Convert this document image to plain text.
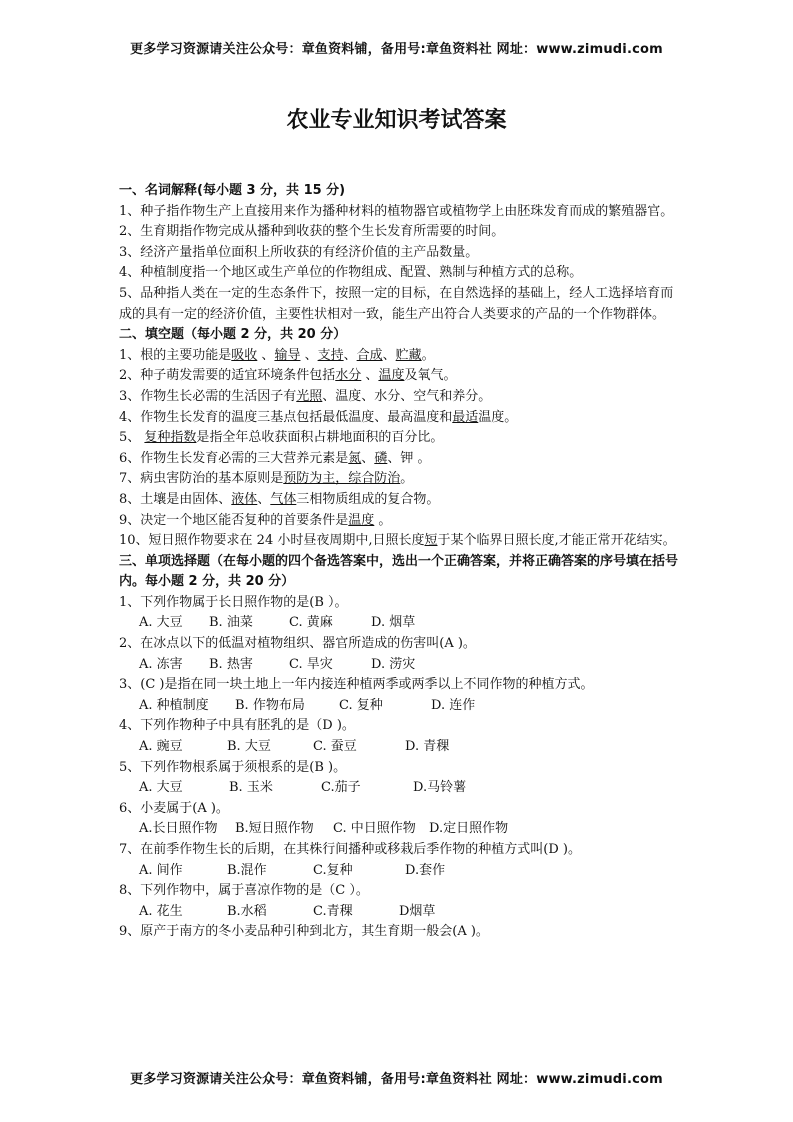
更多学习资源请关注公众号：章鱼资料铺，备用号:章鱼资料社 网址：www.zimudi.com
农业专业知识考试答案
一、名词解释(每小题 3 分，共 15 分)
1、种子指作物生产上直接用来作为播种材料的植物器官或植物学上由胚珠发育而成的繁殖器官。
2、生育期指作物完成从播种到收获的整个生长发育所需要的时间。
3、经济产量指单位面积上所收获的有经济价值的主产品数量。
4、种植制度指一个地区或生产单位的作物组成、配置、熟制与种植方式的总称。
5、品种指人类在一定的生态条件下，按照一定的目标，在自然选择的基础上，经人工选择培育而成的具有一定的经济价值，主要性状相对一致，能生产出符合人类要求的产品的一个作物群体。
二、填空题（每小题 2 分，共 20 分）
1、根的主要功能是吸收 、输导 、支持、合成、贮藏。
2、种子萌发需要的适宜环境条件包括水分 、温度及氧气。
3、作物生长必需的生活因子有光照、温度、水分、空气和养分。
4、作物生长发育的温度三基点包括最低温度、最高温度和最适温度。
5、 复种指数是指全年总收获面积占耕地面积的百分比。
6、作物生长发育必需的三大营养元素是氮、磷、钾 。
7、病虫害防治的基本原则是预防为主，综合防治。
8、土壤是由固体、液体、气体三相物质组成的复合物。
9、决定一个地区能否复种的首要条件是温度 。
10、短日照作物要求在 24 小时昼夜周期中,日照长度短于某个临界日照长度,才能正常开花结实。
三、单项选择题（在每小题的四个备选答案中，选出一个正确答案，并将正确答案的序号填在括号内。每小题 2 分，共 20 分）
1、下列作物属于长日照作物的是(B ）。
A. 大豆 B. 油菜	C. 黄麻	D. 烟草
2、在冰点以下的低温对植物组织、器官所造成的伤害叫(A )。
A. 冻害 B. 热害	C. 旱灾	D. 涝灾
3、(C )是指在同一块土地上一年内接连种植两季或两季以上不同作物的种植方式。
A. 种植制度 B. 作物布局	C. 复种	D. 连作
4、下列作物种子中具有胚乳的是（D )。
A. 豌豆	B. 大豆	C. 蚕豆	D. 青稞
5、下列作物根系属于须根系的是(B )。
A. 大豆	B. 玉米	C.茄子	D.马铃薯
6、小麦属于(A )。
A.长日照作物 B.短日照作物 C. 中日照作物 D.定日照作物
7、在前季作物生长的后期，在其株行间播种或移栽后季作物的种植方式叫(D )。
A. 间作	B.混作	C.复种	D.套作
8、下列作物中，属于喜凉作物的是（C ）。
A. 花生	B.水稻	C.青稞	D烟草
9、原产于南方的冬小麦品种引种到北方，其生育期一般会(A )。
更多学习资源请关注公众号：章鱼资料铺，备用号:章鱼资料社 网址：www.zimudi.com
